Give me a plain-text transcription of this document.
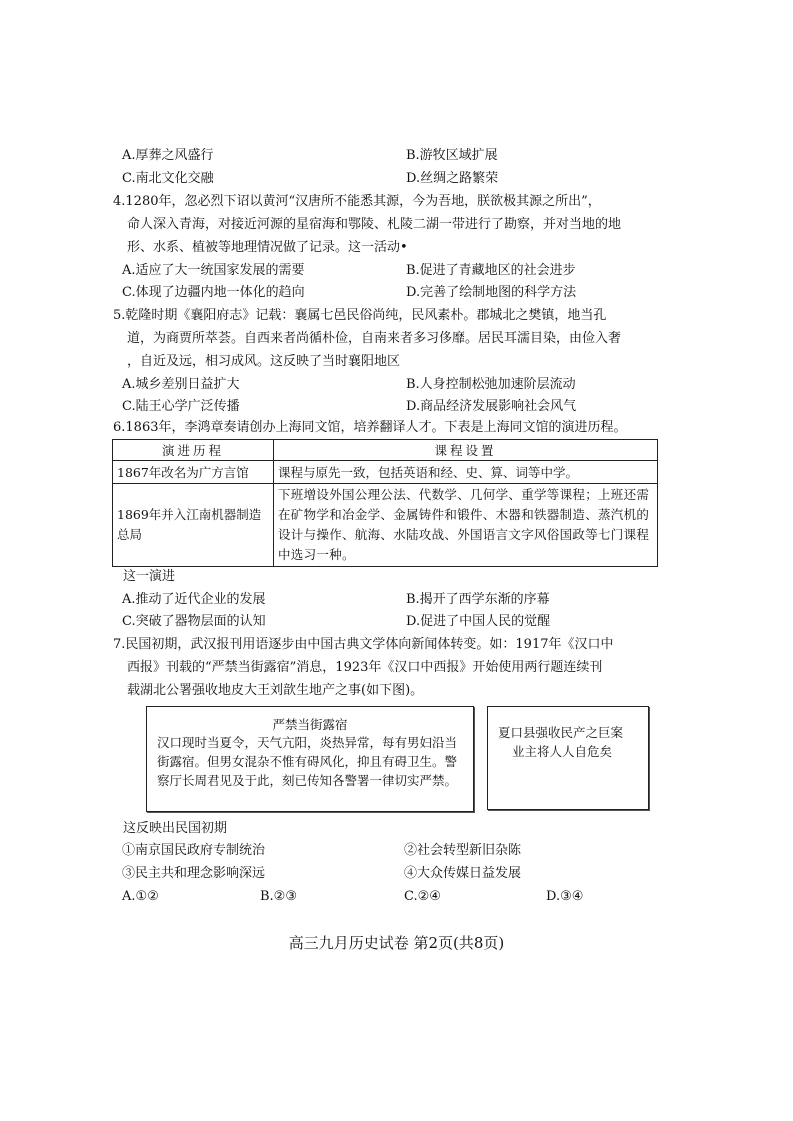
A.厚葬之风盛行	B.游牧区域扩展
C.南北文化交融	D.丝绸之路繁荣
4.1280年，忽必烈下诏以黄河“汉唐所不能悉其源，今为吾地，朕欲极其源之所出”，
命人深入青海，对接近河源的星宿海和鄂陵、札陵二湖一带进行了勘察，并对当地的地
形、水系、植被等地理情况做了记录。这一活动•
A.适应了大一统国家发展的需要	B.促进了青藏地区的社会进步
C.体现了边疆内地一体化的趋向	D.完善了绘制地图的科学方法
5.乾隆时期《襄阳府志》记载：襄属七邑民俗尚纯，民风素朴。郡城北之樊镇，地当孔
道，为商贾所萃荟。自西来者尚循朴俭，自南来者多习侈靡。居民耳濡目染，由俭入奢
，自近及远，相习成风。这反映了当时襄阳地区
A.城乡差别日益扩大	B.人身控制松弛加速阶层流动
C.陆王心学广泛传播	D.商品经济发展影响社会风气
6.1863年，李鸿章奏请创办上海同文馆，培养翻译人才。下表是上海同文馆的演进历程。
演进历程	课程设置
1867年改名为广方言馆	课程与原先一致，包括英语和经、史、算、词等中学。
1869年并入江南机器制造总局	下班增设外国公理公法、代数学、几何学、重学等课程；上班还需在矿物学和冶金学、金属铸件和锻件、木器和铁器制造、蒸汽机的设计与操作、航海、水陆攻战、外国语言文字风俗国政等七门课程中选习一种。
这一演进
A.推动了近代企业的发展	B.揭开了西学东渐的序幕
C.突破了器物层面的认知	D.促进了中国人民的觉醒
7.民国初期，武汉报刊用语逐步由中国古典文学体向新闻体转变。如：1917年《汉口中
西报》刊载的“严禁当街露宿”消息，1923年《汉口中西报》开始使用两行题连续刊
载湖北公署强收地皮大王刘歆生地产之事(如下图)。
严禁当街露宿
汉口现时当夏令，天气亢阳，炎热异常，每有男妇沿当街露宿。但男女混杂不惟有碍风化，抑且有碍卫生。警察厅长周君见及于此，刻已传知各警署一律切实严禁。
夏口县强收民产之巨案
业主将人人自危矣
这反映出民国初期
①南京国民政府专制统治	②社会转型新旧杂陈
③民主共和理念影响深远	④大众传媒日益发展
A.①②	B.②③	C.②④	D.③④
高三九月历史试卷 第2页(共8页)
